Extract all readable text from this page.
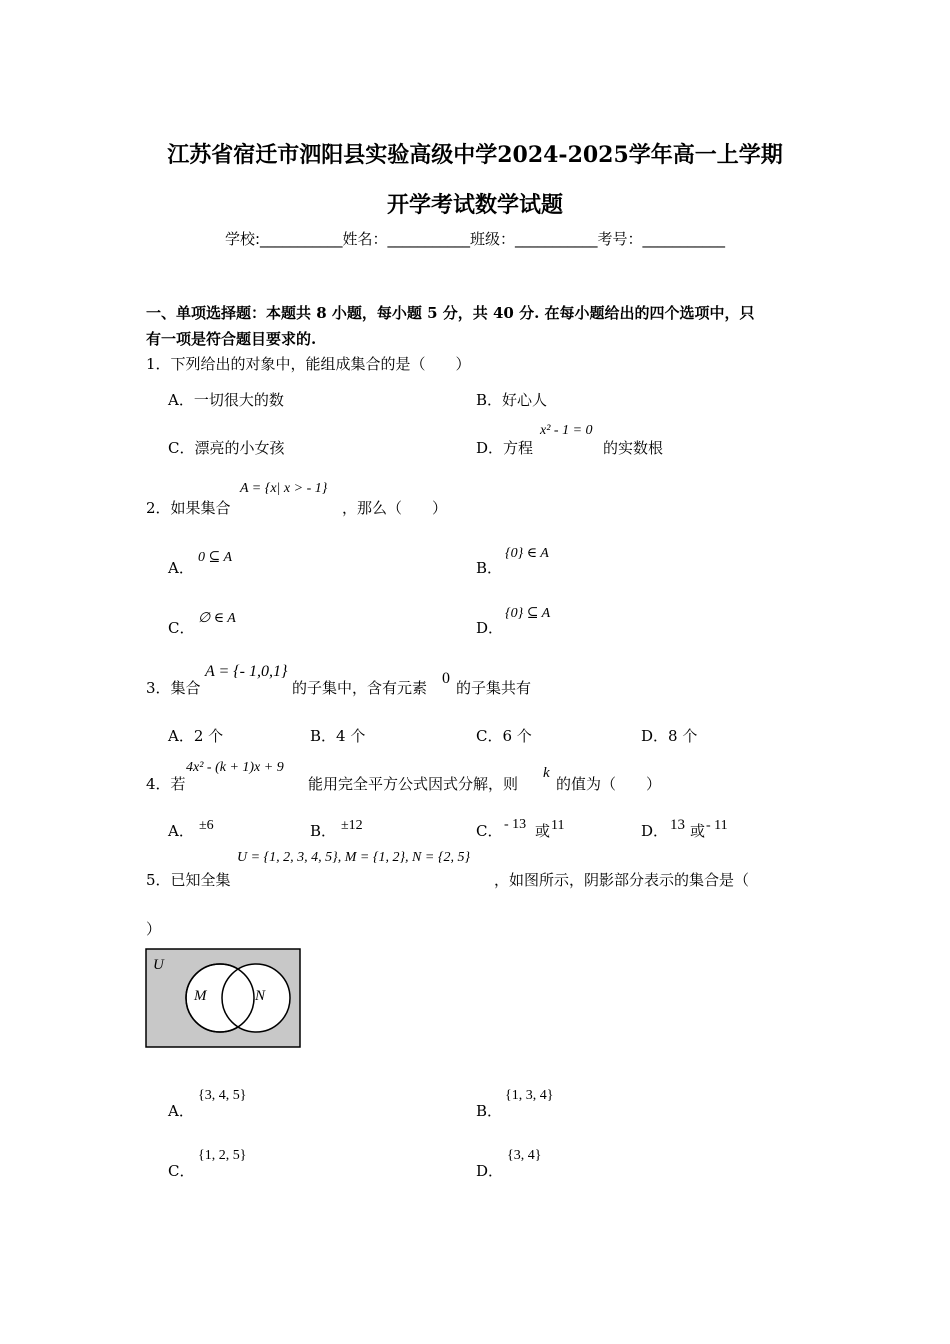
江苏省宿迁市泗阳县实验高级中学2024-2025学年高一上学期
开学考试数学试题
学校:___________姓名：___________班级：___________考号：___________
一、单项选择题：本题共 8 小题，每小题 5 分，共 40 分. 在每小题给出的四个选项中，只
有一项是符合题目要求的.
1．下列给出的对象中，能组成集合的是（　　）
A．一切很大的数	B．好心人
C．漂亮的小女孩	D．方程
x² - 1 = 0
的实数根
2．如果集合
A = {x| x > - 1}
，那么（　　）
A．
0 ⊆ A
B．
{0} ∈ A
C．
∅ ∈ A
D．
{0} ⊆ A
3．集合
A = {- 1,0,1}
的子集中，含有元素
0
的子集共有
A．2 个	B．4 个	C．6 个	D．8 个
4．若
4x² - (k + 1)x + 9
能用完全平方公式因式分解，则
k
的值为（　　）
A． ±6	B． ±12	C． - 13 或 11	D． 13 或 - 11
5．已知全集
U = {1, 2, 3, 4, 5}, M = {1, 2}, N = {2, 5}
，如图所示，阴影部分表示的集合是（
）
U
M	N
A．
{3, 4, 5}
B．
{1, 3, 4}
C．
{1, 2, 5}
D．
{3, 4}
